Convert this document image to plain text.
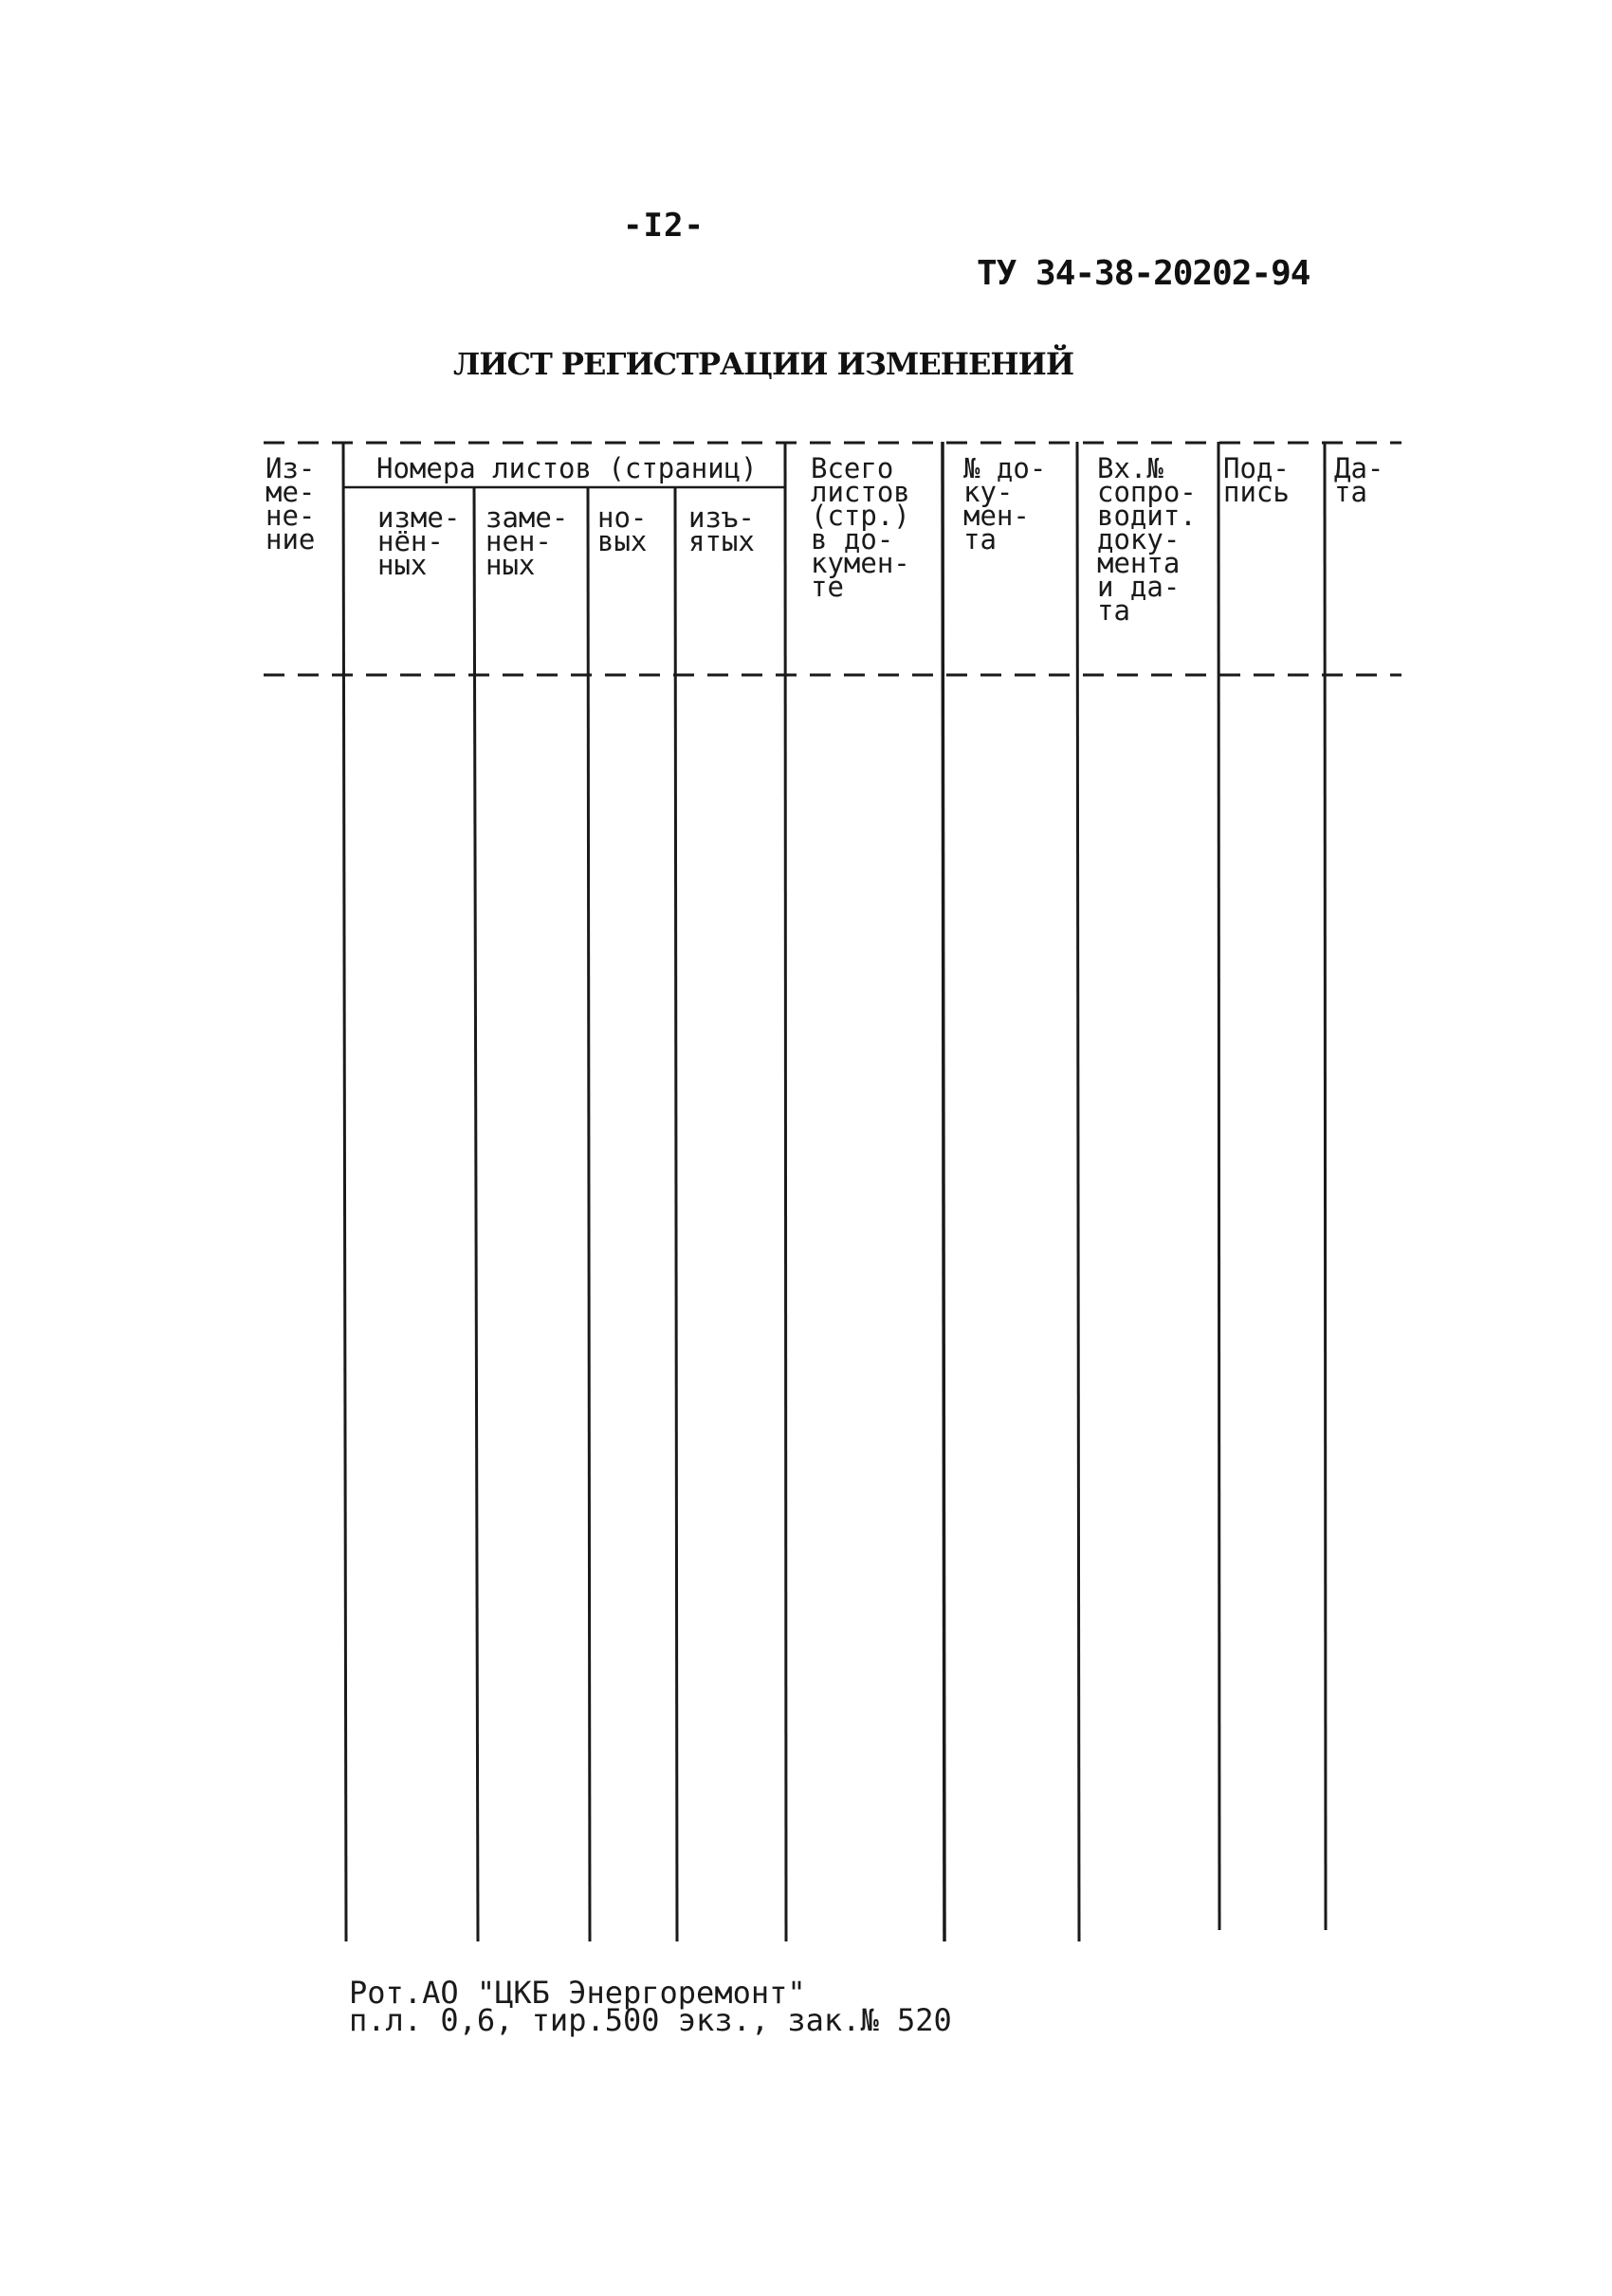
-I2-
ТУ 34-38-20202-94
ЛИСТ РЕГИСТРАЦИИ ИЗМЕНЕНИЙ
Из-
ме-
не-
ние
Номера листов (страниц)
изме-
нён-
ных
заме-
нен-
ных
но-
вых
изъ-
ятых
Всего
листов
(стр.)
в до-
кумен-
те
№ до-
ку-
мен-
та
Вх.№
сопро-
водит.
доку-
мента
и да-
та
Под-
пись
Да-
та
Рот.АО "ЦКБ Энергоремонт"
п.л. 0,6, тир.500 экз., зак.№ 520
